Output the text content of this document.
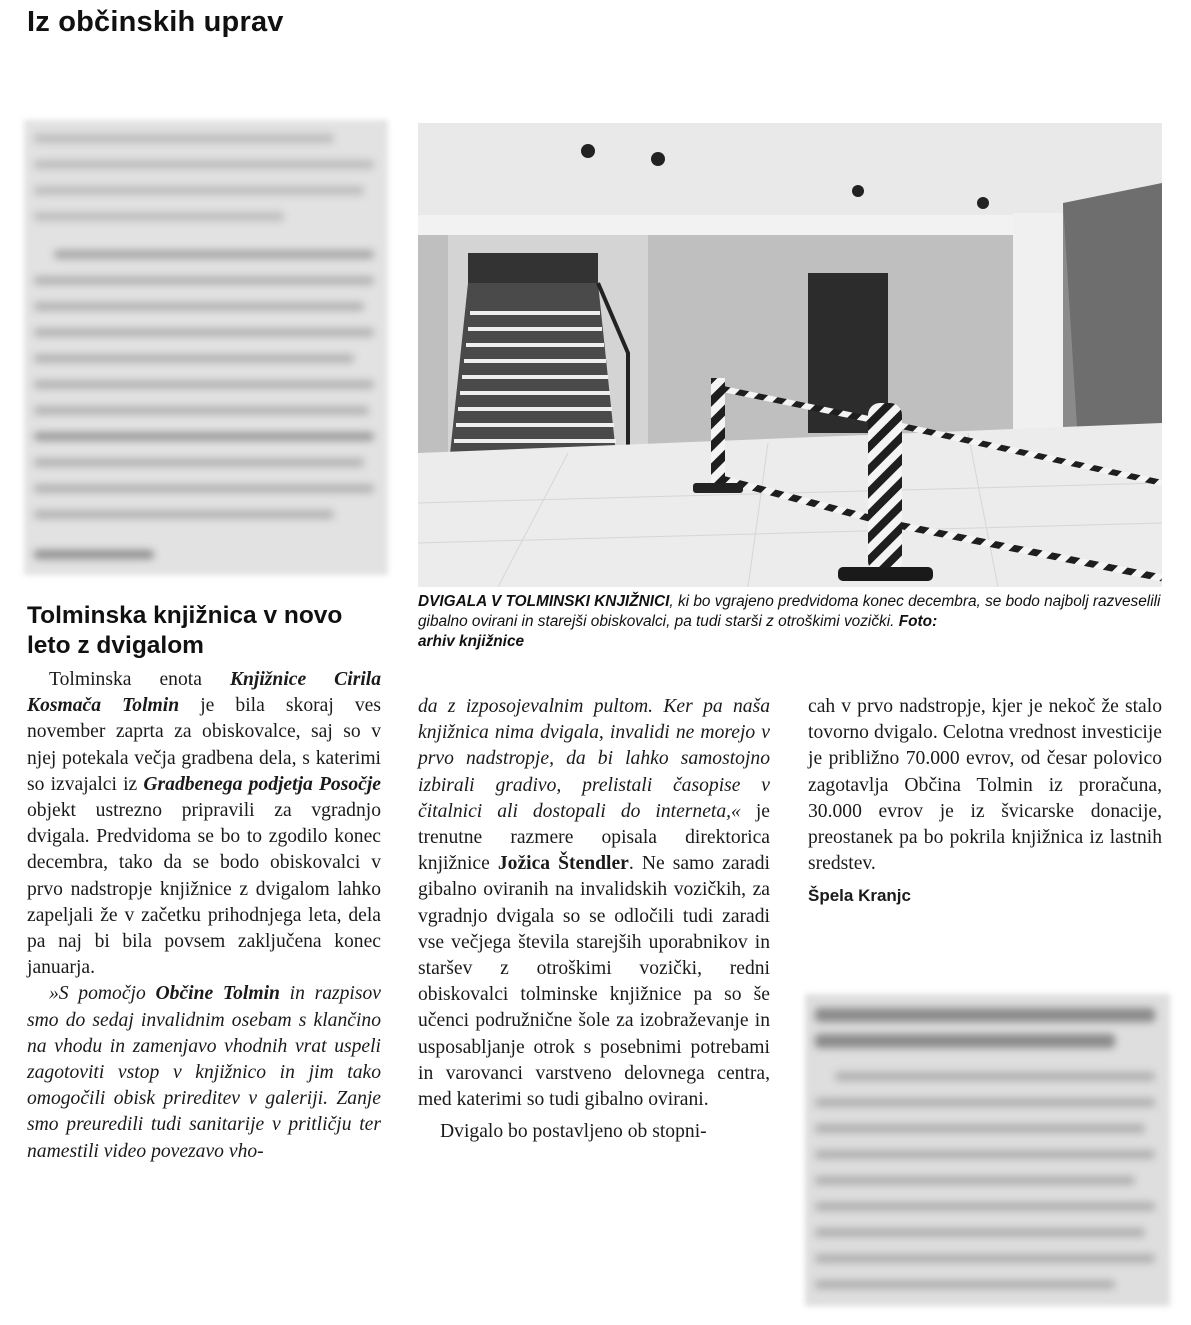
Iz občinskih uprav
DVIGALA V TOLMINSKI KNJIŽNICI, ki bo vgrajeno predvidoma konec decembra, se bodo najbolj razveselili gibalno ovirani in starejši obiskovalci, pa tudi starši z otroškimi vozički. Foto:
arhiv knjižnice
Tolminska knjižnica v novo leto z dvigalom

Tolminska enota Knjižnice Cirila Kosmača Tolmin je bila skoraj ves november zaprta za obiskovalce, saj so v njej potekala večja gradbena dela, s katerimi so izvajalci iz Gradbenega podjetja Posočje objekt ustrezno pripravili za vgradnjo dvigala. Predvidoma se bo to zgodilo konec decembra, tako da se bodo obiskovalci v prvo nadstropje knjižnice z dvigalom lahko zapeljali že v začetku prihodnjega leta, dela pa naj bi bila povsem zaključena konec januarja.

»S pomočjo Občine Tolmin in razpisov smo do sedaj invalidnim osebam s klančino na vhodu in zamenjavo vhodnih vrat uspeli zagotoviti vstop v knjižnico in jim tako omogočili obisk prireditev v galeriji. Zanje smo preuredili tudi sanitarije v pritličju ter namestili video povezavo vho-

da z izposojevalnim pultom. Ker pa naša knjižnica nima dvigala, invalidi ne morejo v prvo nadstropje, da bi lahko samostojno izbirali gradivo, prelistali časopise v čitalnici ali dostopali do interneta,« je trenutne razmere opisala direktorica knjižnice Jožica Štendler. Ne samo zaradi gibalno oviranih na invalidskih vozičkih, za vgradnjo dvigala so se odločili tudi zaradi vse večjega števila starejših uporabnikov in staršev z otroškimi vozički, redni obiskovalci tolminske knjižnice pa so še učenci podružnične šole za izobraževanje in usposabljanje otrok s posebnimi potrebami in varovanci varstveno delovnega centra, med katerimi so tudi gibalno ovirani.

Dvigalo bo postavljeno ob stopni-

cah v prvo nadstropje, kjer je nekoč že stalo tovorno dvigalo. Celotna vrednost investicije je približno 70.000 evrov, od česar polovico zagotavlja Občina Tolmin iz proračuna, 30.000 evrov je iz švicarske donacije, preostanek pa bo pokrila knjižnica iz lastnih sredstev.

Špela Kranjc
